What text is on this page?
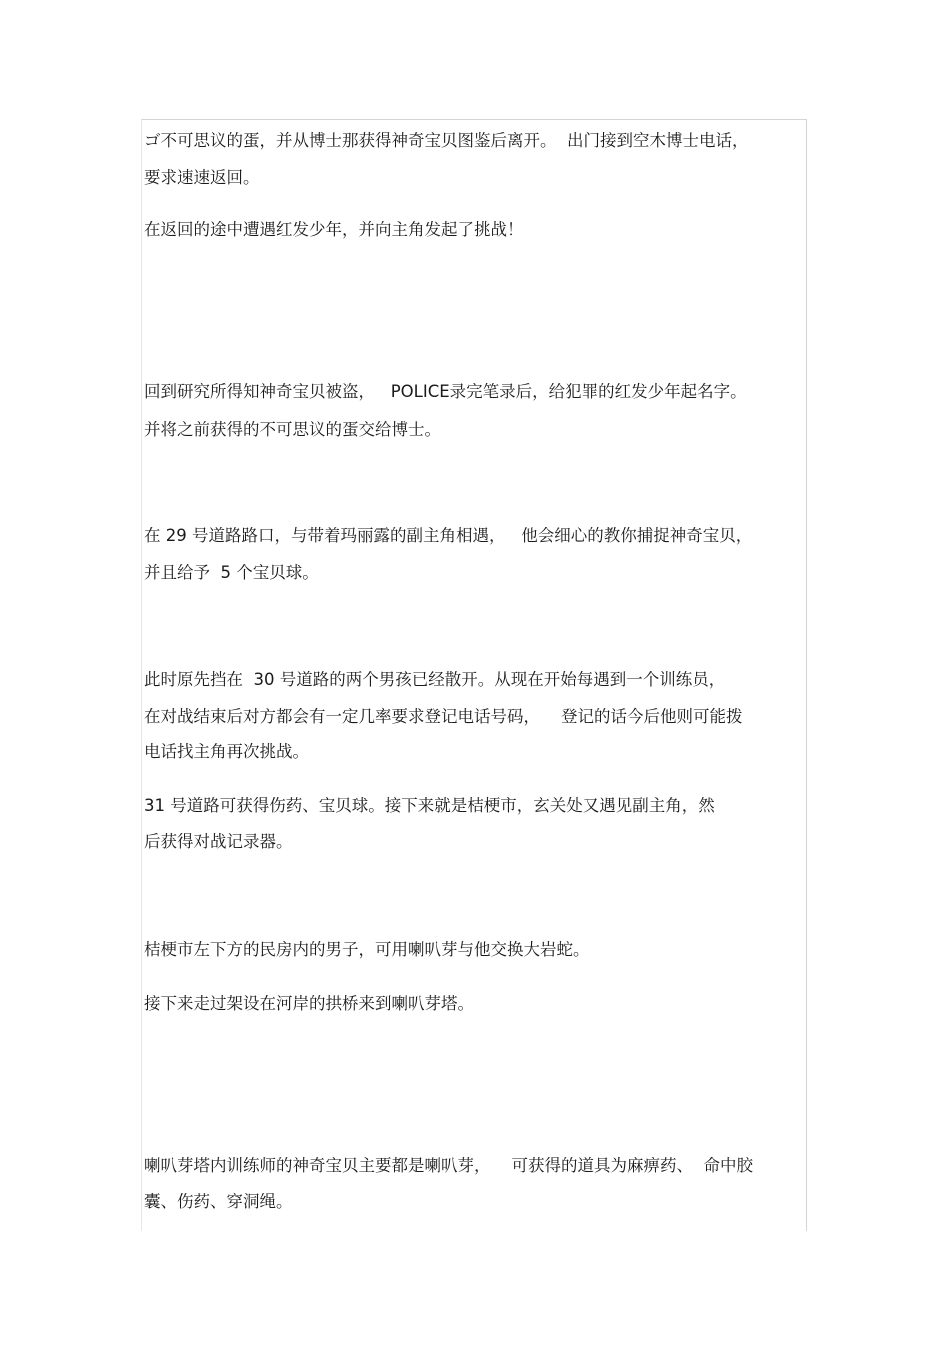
ゴ不可思议的蛋，并从博士那获得神奇宝贝图鉴后离开。  出门接到空木博士电话，
要求速速返回。
在返回的途中遭遇红发少年，并向主角发起了挑战！
回到研究所得知神奇宝贝被盗，   POLICE录完笔录后，给犯罪的红发少年起名字。
并将之前获得的不可思议的蛋交给博士。
在 29 号道路路口，与带着玛丽露的副主角相遇，   他会细心的教你捕捉神奇宝贝，
并且给予  5 个宝贝球。
此时原先挡在  30 号道路的两个男孩已经散开。从现在开始每遇到一个训练员，
在对战结束后对方都会有一定几率要求登记电话号码，    登记的话今后他则可能拨
电话找主角再次挑战。
31 号道路可获得伤药、宝贝球。接下来就是桔梗市，玄关处又遇见副主角，然
后获得对战记录器。
桔梗市左下方的民房内的男子，可用喇叭芽与他交换大岩蛇。
接下来走过架设在河岸的拱桥来到喇叭芽塔。
喇叭芽塔内训练师的神奇宝贝主要都是喇叭芽，    可获得的道具为麻痹药、  命中胶
囊、伤药、穿洞绳。
